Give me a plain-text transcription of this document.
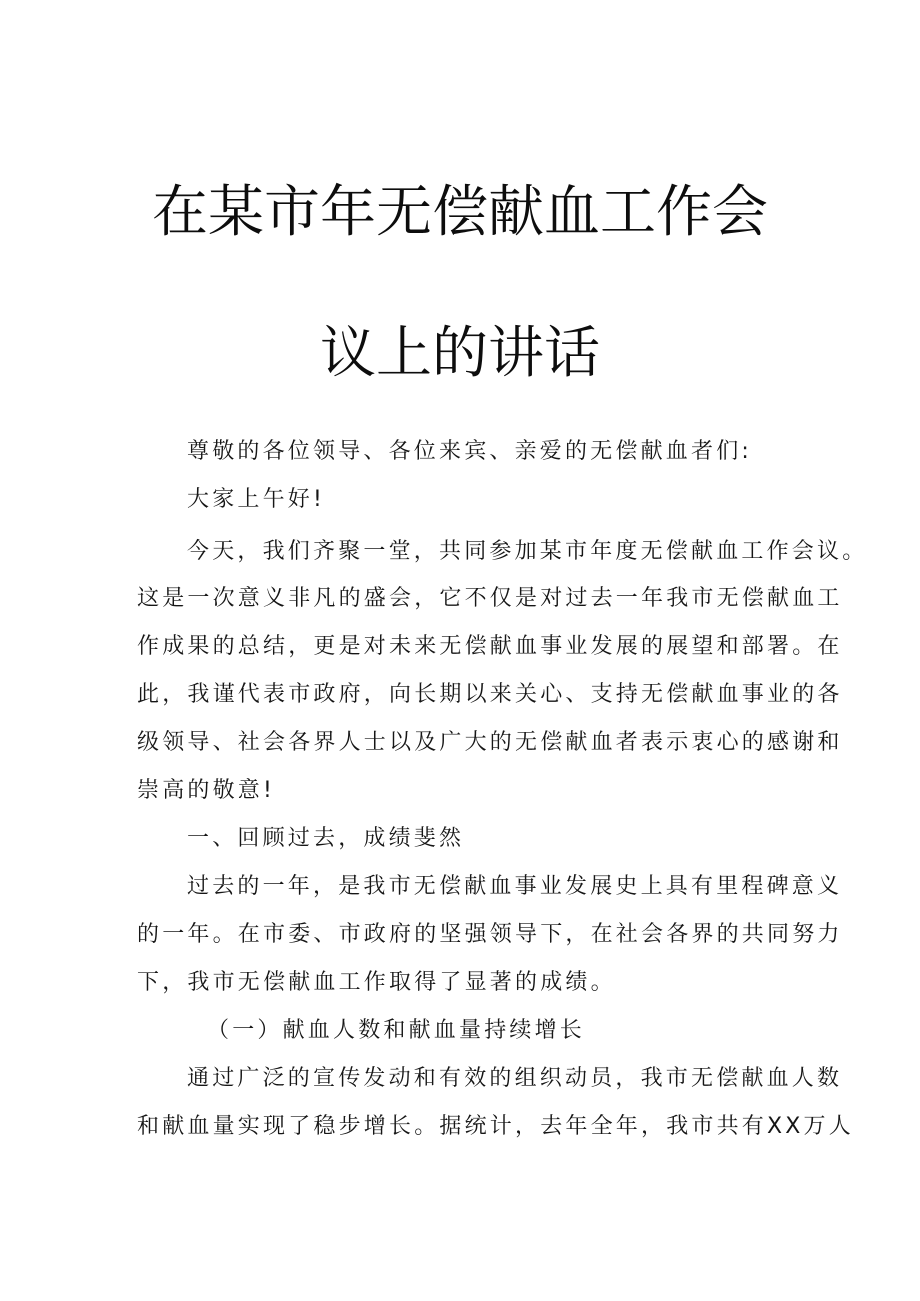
在某市年无偿献血工作会
议上的讲话
尊敬的各位领导、各位来宾、亲爱的无偿献血者们:
大家上午好!
今天，我们齐聚一堂，共同参加某市年度无偿献血工作会议。
这是一次意义非凡的盛会，它不仅是对过去一年我市无偿献血工
作成果的总结，更是对未来无偿献血事业发展的展望和部署。在
此，我谨代表市政府，向长期以来关心、支持无偿献血事业的各
级领导、社会各界人士以及广大的无偿献血者表示衷心的感谢和
崇高的敬意!
一、回顾过去，成绩斐然
过去的一年，是我市无偿献血事业发展史上具有里程碑意义
的一年。在市委、市政府的坚强领导下，在社会各界的共同努力
下，我市无偿献血工作取得了显著的成绩。
（一）献血人数和献血量持续增长
通过广泛的宣传发动和有效的组织动员，我市无偿献血人数
和献血量实现了稳步增长。据统计，去年全年，我市共有XX万人
